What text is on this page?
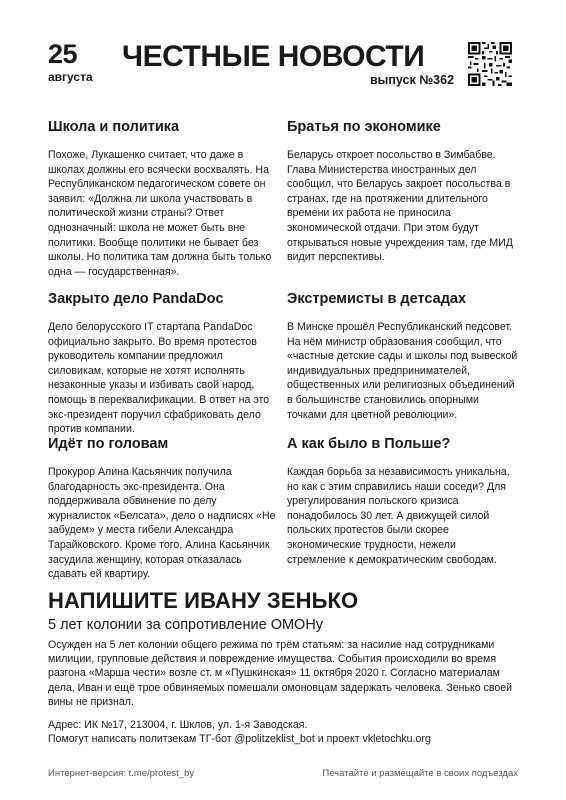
25
августа
ЧЕСТНЫЕ НОВОСТИ
выпуск №362
Школа и политика

Похоже, Лукашенко считает, что даже в школах должны его всячески восхвалять. На Республиканском педагогическом совете он заявил: «Должна ли школа участвовать в политической жизни страны? Ответ однозначный: школа не может быть вне политики. Вообще политики не бывает без школы. Но политика там должна быть только одна — государственная».

Закрыто дело PandaDoc

Дело белорусского IT стартапа PandaDoc официально закрыто. Во время протестов руководитель компании предложил силовикам, которые не хотят исполнять незаконные указы и избивать свой народ, помощь в переквалификации. В ответ на это экс-президент поручил сфабриковать дело против компании.

Идёт по головам

Прокурор Алина Касьянчик получила благодарность экс-президента. Она поддерживала обвинение по делу журналисток «Белсата», дело о надписях «Не забудем» у места гибели Александра Тарайковского. Кроме того, Алина Касьянчик засудила женщину, которая отказалась сдавать ей квартиру.

Братья по экономике

Беларусь откроет посольство в Зимбабве. Глава Министерства иностранных дел сообщил, что Беларусь закроет посольства в странах, где на протяжении длительного времени их работа не приносила экономической отдачи. При этом будут открываться новые учреждения там, где МИД видит перспективы.

Экстремисты в детсадах

В Минске прошёл Республиканский педсовет. На нём министр образования сообщил, что «частные детские сады и школы под вывеской индивидуальных предпринимателей, общественных или религиозных объединений в большинстве становились опорными точками для цветной революции».

А как было в Польше?

Каждая борьба за независимость уникальна, но как с этим справились наши соседи? Для урегулирования польского кризиса понадобилось 30 лет. А движущей силой польских протестов были скорее экономические трудности, нежели стремление к демократическим свободам.

НАПИШИТЕ ИВАНУ ЗЕНЬКО
5 лет колонии за сопротивление ОМОНу

Осужден на 5 лет колонии общего режима по трём статьям: за насилие над сотрудниками милиции, групповые действия и повреждение имущества. События происходили во время разгона «Марша чести» возле ст. м «Пушкинская» 11 октября 2020 г. Согласно материалам дела, Иван и ещё трое обвиняемых помешали омоновцам задержать человека. Зенько своей вины не признал.

Адрес: ИК №17, 213004, г. Шклов, ул. 1-я Заводская.
Помогут написать политзекам ТГ-бот @politzeklist_bot и проект vkletochku.org

Интернет-версия: t.me/protest_by	Печатайте и размещайте в своих подъездах
